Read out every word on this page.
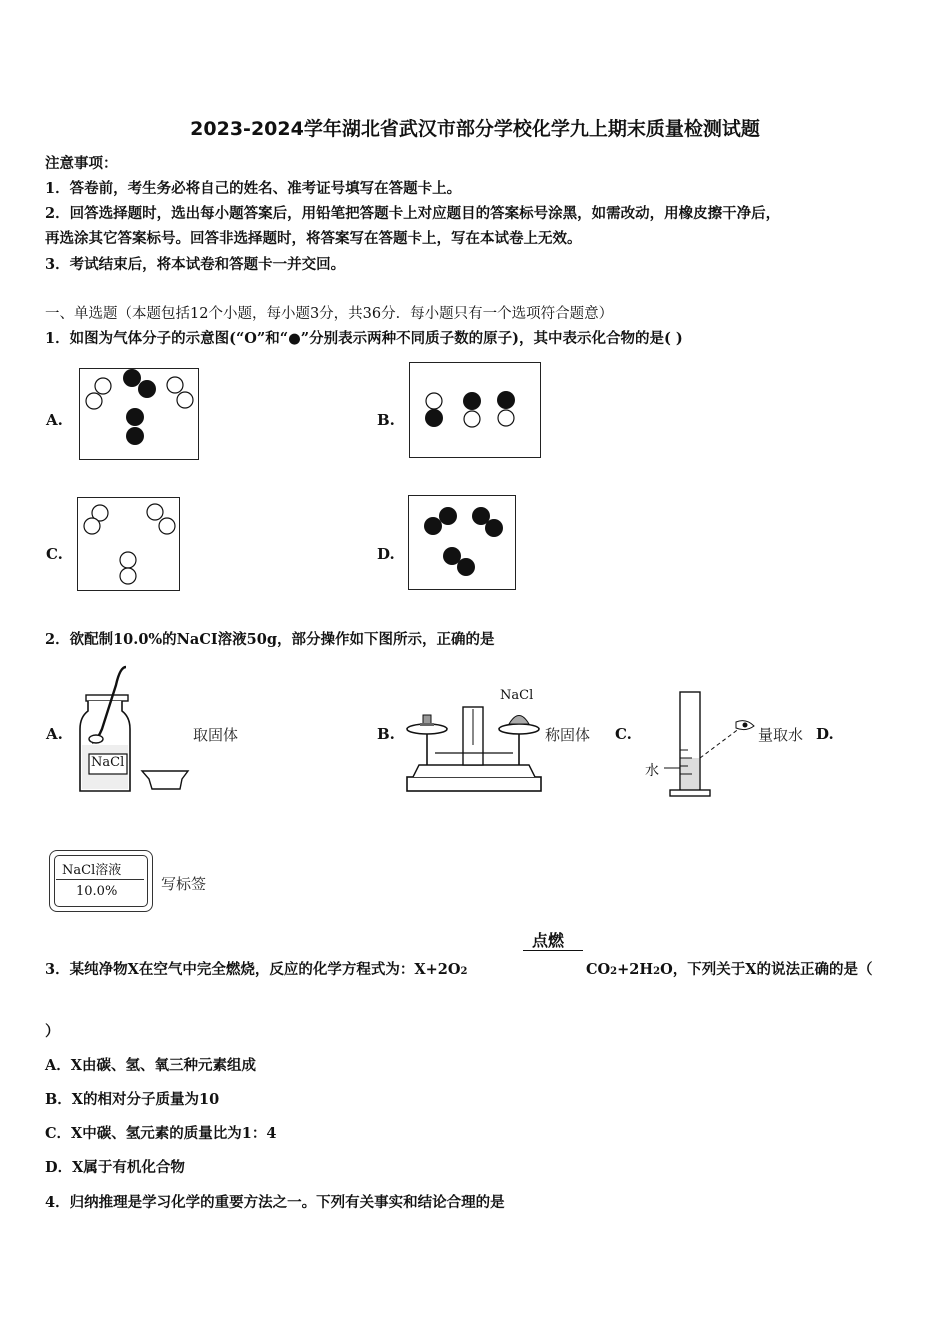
2023-2024学年湖北省武汉市部分学校化学九上期末质量检测试题
注意事项：
1．答卷前，考生务必将自己的姓名、准考证号填写在答题卡上。
2．回答选择题时，选出每小题答案后，用铅笔把答题卡上对应题目的答案标号涂黑，如需改动，用橡皮擦干净后，
再选涂其它答案标号。回答非选择题时，将答案写在答题卡上，写在本试卷上无效。
3．考试结束后，将本试卷和答题卡一并交回。
一、单选题（本题包括12个小题，每小题3分，共36分．每小题只有一个选项符合题意）
1．如图为气体分子的示意图(“O”和“●”分别表示两种不同质子数的原子)，其中表示化合物的是( )
A.	B.
C.	D.
2．欲配制10.0%的NaCI溶液50g，部分操作如下图所示，正确的是
A.
NaCl
取固体	B.
NaCl
称固体 C.
水
量取水 D.
NaCl溶液
10.0%	写标签
3．某纯净物X在空气中完全燃烧，反应的化学方程式为：X+2O2
点燃
CO2+2H2O，下列关于X的说法正确的是（
）
A．X由碳、氢、氧三种元素组成
B．X的相对分子质量为10
C．X中碳、氢元素的质量比为1：4
D．X属于有机化合物
4．归纳推理是学习化学的重要方法之一。下列有关事实和结论合理的是
